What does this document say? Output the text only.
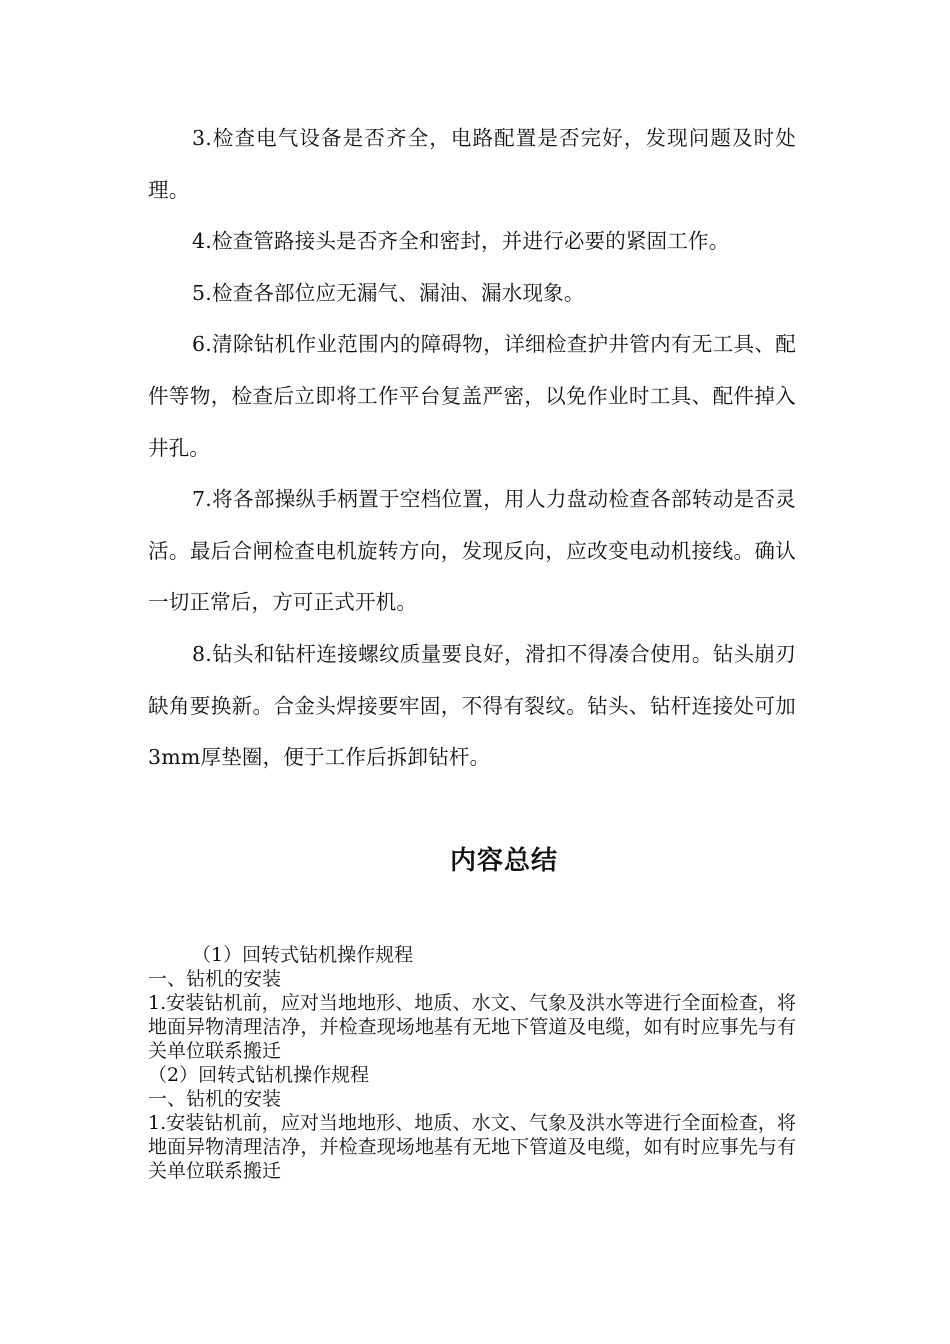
3.检查电气设备是否齐全，电路配置是否完好，发现问题及时处理。

4.检查管路接头是否齐全和密封，并进行必要的紧固工作。

5.检查各部位应无漏气、漏油、漏水现象。

6.清除钻机作业范围内的障碍物，详细检查护井管内有无工具、配件等物，检查后立即将工作平台复盖严密，以免作业时工具、配件掉入井孔。

7.将各部操纵手柄置于空档位置，用人力盘动检查各部转动是否灵活。最后合闸检查电机旋转方向，发现反向，应改变电动机接线。确认一切正常后，方可正式开机。

8.钻头和钻杆连接螺纹质量要良好，滑扣不得凑合使用。钻头崩刃缺角要换新。合金头焊接要牢固，不得有裂纹。钻头、钻杆连接处可加3mm厚垫圈，便于工作后拆卸钻杆。

内容总结

（1）回转式钻机操作规程

一、钻机的安装

1.安装钻机前，应对当地地形、地质、水文、气象及洪水等进行全面检查，将地面异物清理洁净，并检查现场地基有无地下管道及电缆，如有时应事先与有关单位联系搬迁

（2）回转式钻机操作规程

一、钻机的安装

1.安装钻机前，应对当地地形、地质、水文、气象及洪水等进行全面检查，将地面异物清理洁净，并检查现场地基有无地下管道及电缆，如有时应事先与有关单位联系搬迁
